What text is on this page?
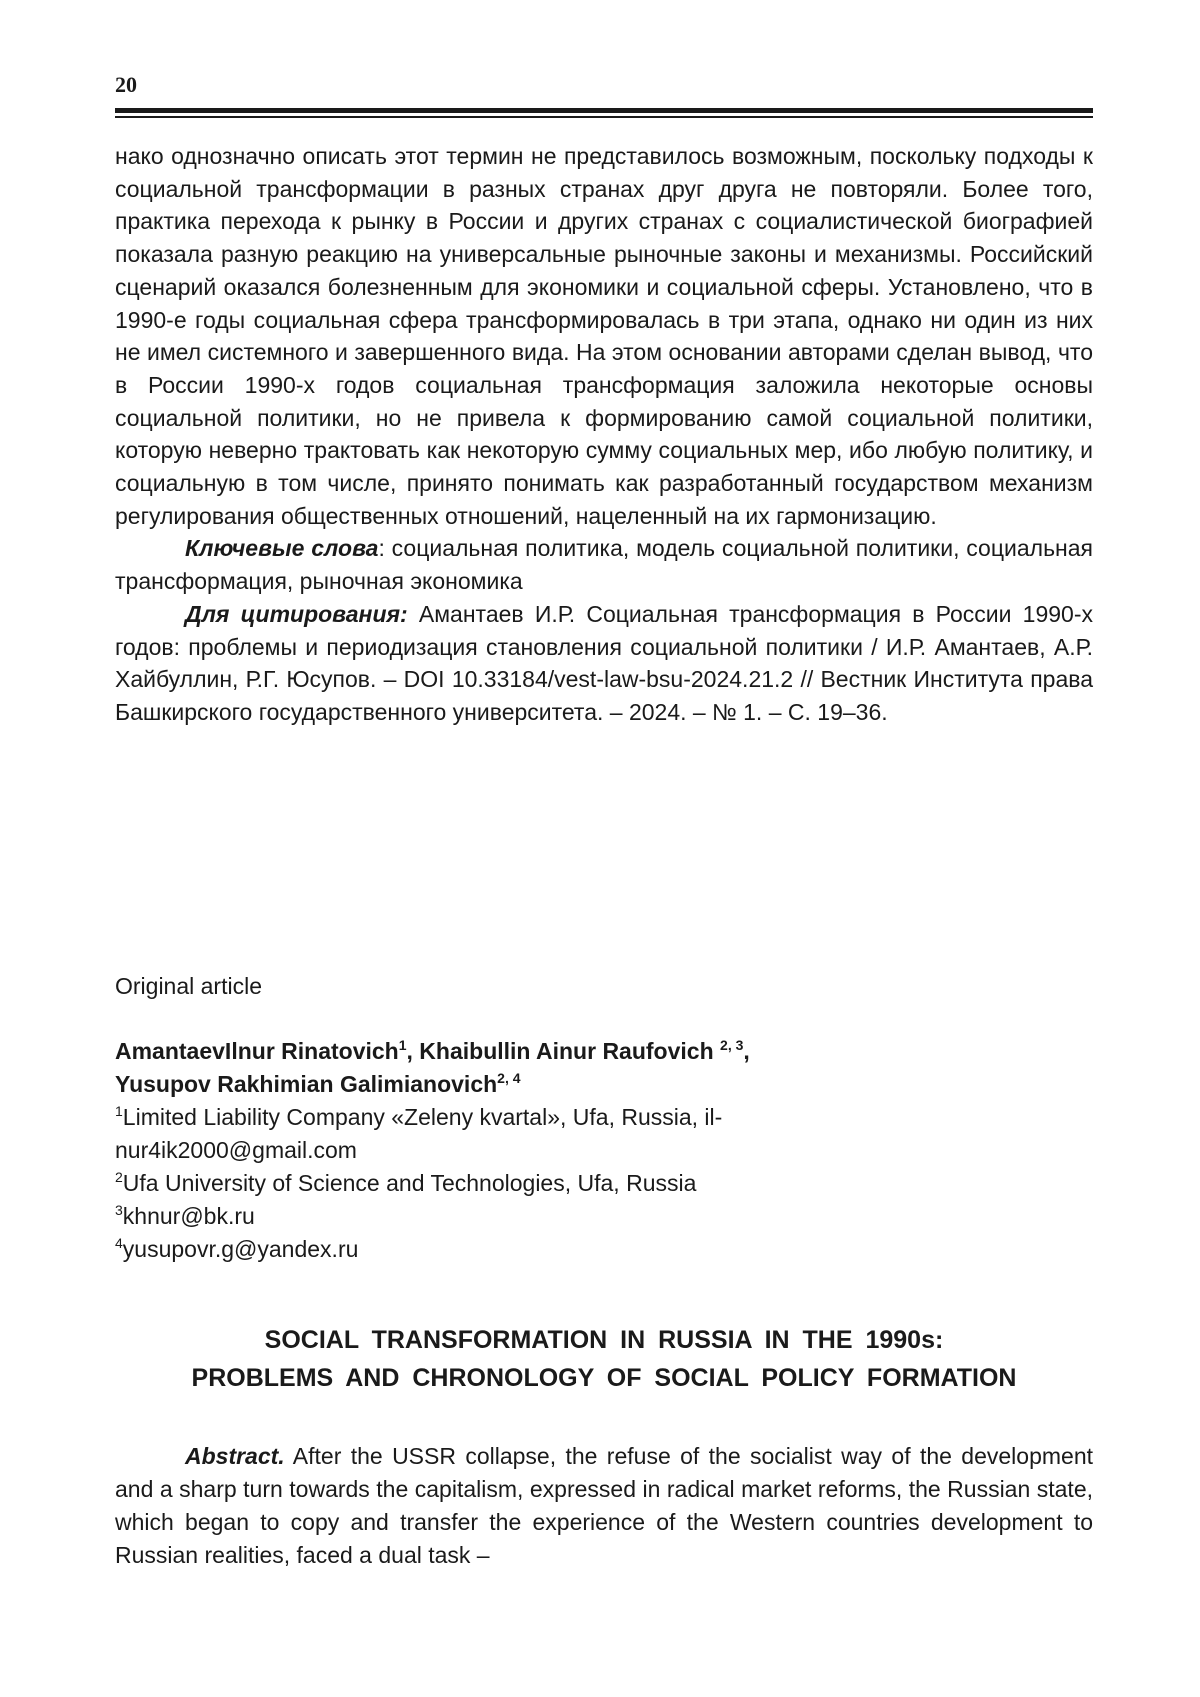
20

нако однозначно описать этот термин не представилось возможным, поскольку подходы к социальной трансформации в разных странах друг друга не повторяли. Более того, практика перехода к рынку в России и других странах с социалистической биографией показала разную реакцию на универсальные рыночные законы и механизмы. Российский сценарий оказался болезненным для экономики и социальной сферы. Установлено, что в 1990-е годы социальная сфера трансформировалась в три этапа, однако ни один из них не имел системного и завершенного вида. На этом основании авторами сделан вывод, что в России 1990-х годов социальная трансформация заложила некоторые основы социальной политики, но не привела к формированию самой социальной политики, которую неверно трактовать как некоторую сумму социальных мер, ибо любую политику, и социальную в том числе, принято понимать как разработанный государством механизм регулирования общественных отношений, нацеленный на их гармонизацию.

Ключевые слова: социальная политика, модель социальной политики, социальная трансформация, рыночная экономика

Для цитирования: Амантаев И.Р. Социальная трансформация в России 1990-х годов: проблемы и периодизация становления социальной политики / И.Р. Амантаев, А.Р. Хайбуллин, Р.Г. Юсупов. – DOI 10.33184/vest-law-bsu-2024.21.2 // Вестник Института права Башкирского государственного университета. – 2024. – № 1. – С. 19–36.

Original article
AmantaevIlnur Rinatovich$^1$, Khaibullin Ainur Raufovich $^{2, 3}$,
Yusupov Rakhimian Galimianovich$^{2, 4}$
$^1$Limited Liability Company «Zeleny kvartal», Ufa, Russia, il-
nur4ik2000@gmail.com
$^2$Ufa University of Science and Technologies, Ufa, Russia
$^3$khnur@bk.ru
$^4$yusupovr.g@yandex.ru
SOCIAL TRANSFORMATION IN RUSSIA IN THE 1990s:
PROBLEMS AND CHRONOLOGY OF SOCIAL POLICY FORMATION

Abstract. After the USSR collapse, the refuse of the socialist way of the development and a sharp turn towards the capitalism, expressed in radical market reforms, the Russian state, which began to copy and transfer the experience of the Western countries development to Russian realities, faced a dual task –
